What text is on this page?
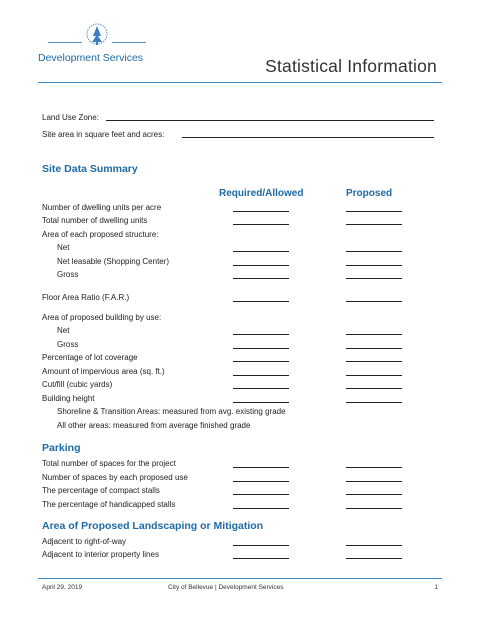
Development Services	Statistical Information
Land Use Zone:
Site area in square feet and acres:
Site Data Summary
Required/Allowed	Proposed
Number of dwelling units per acre
Total number of dwelling units
Area of each proposed structure:
Net
Net leasable (Shopping Center)
Gross
Floor Area Ratio (F.A.R.)
Area of proposed building by use:
Net
Gross
Percentage of lot coverage
Amount of impervious area (sq. ft.)
Cut/fill (cubic yards)
Building height
Shoreline & Transition Areas: measured from avg. existing grade
All other areas: measured from average finished grade
Parking
Total number of spaces for the project
Number of spaces by each proposed use
The percentage of compact stalls
The percentage of handicapped stalls
Area of Proposed Landscaping or Mitigation
Adjacent to right-of-way
Adjacent to interior property lines
April 29, 2019	City of Bellevue | Development Services	1
